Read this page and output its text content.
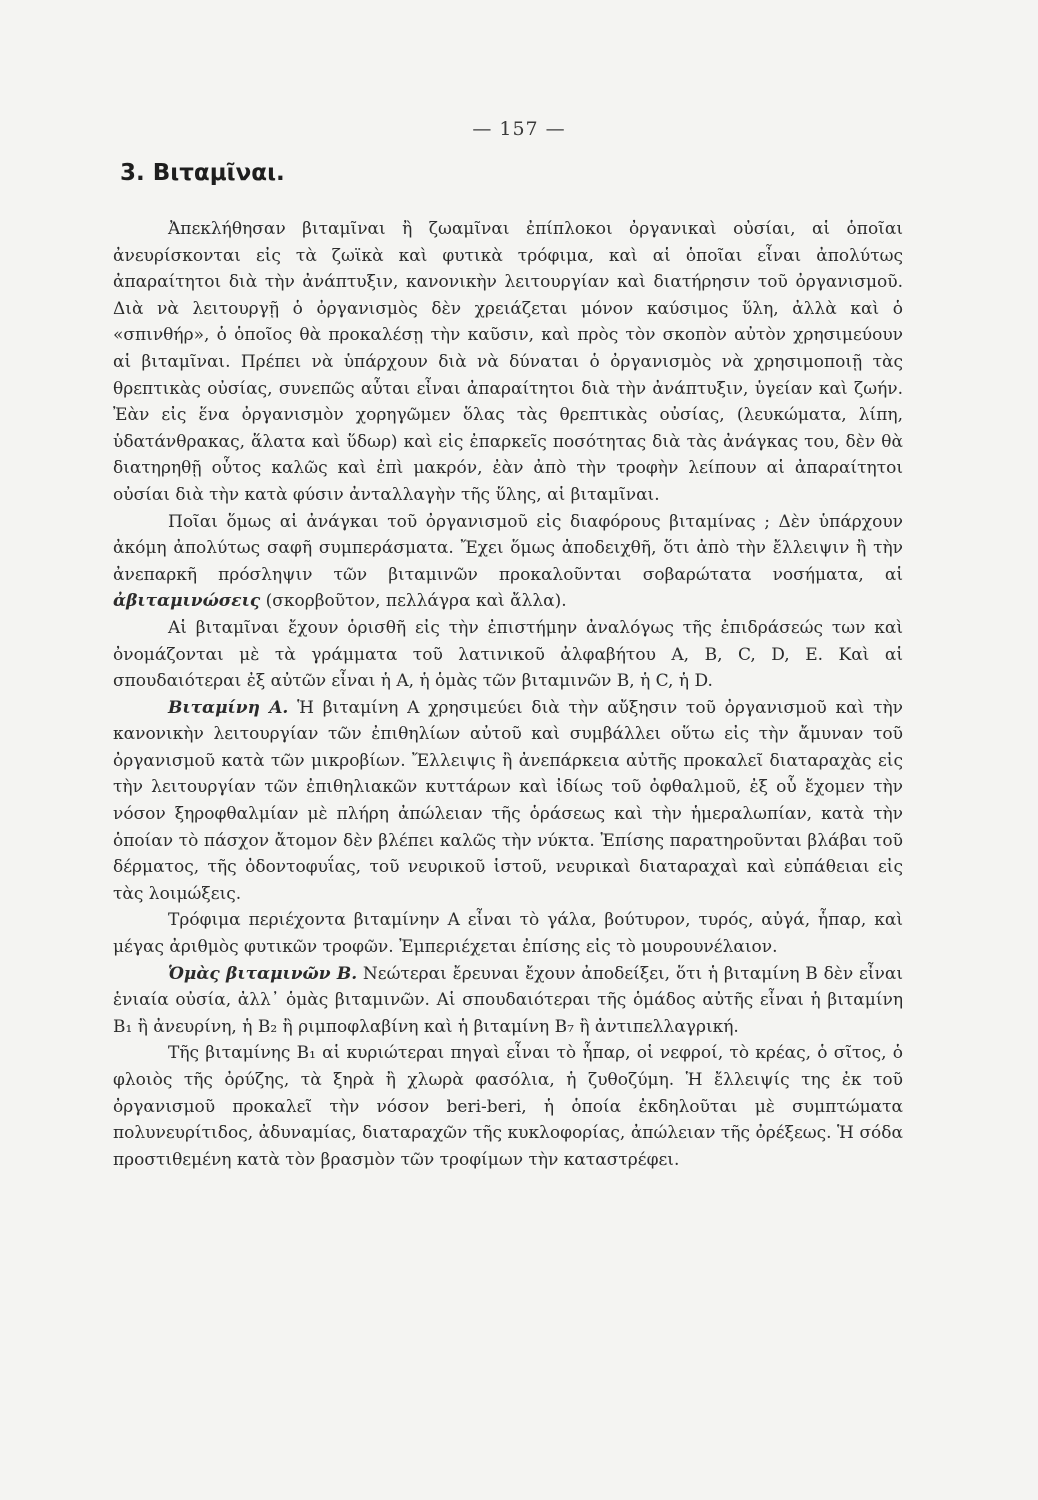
— 157 —
3. Βιταμῖναι.

Ἀπεκλήθησαν βιταμῖναι ἢ ζωαμῖναι ἐπίπλοκοι ὀργανικαὶ οὐσίαι, αἱ ὁποῖαι ἀνευρίσκονται εἰς τὰ ζωϊκὰ καὶ φυτικὰ τρόφιμα, καὶ αἱ ὁποῖαι εἶναι ἀπολύτως ἀπαραίτητοι διὰ τὴν ἀνάπτυξιν, κανονικὴν λειτουργίαν καὶ διατήρησιν τοῦ ὀργανισμοῦ. Διὰ νὰ λειτουργῇ ὁ ὀργανισμὸς δὲν χρειάζεται μόνον καύσιμος ὕλη, ἀλλὰ καὶ ὁ «σπινθήρ», ὁ ὁποῖος θὰ προκαλέσῃ τὴν καῦσιν, καὶ πρὸς τὸν σκοπὸν αὐτὸν χρησιμεύουν αἱ βιταμῖναι. Πρέπει νὰ ὑπάρχουν διὰ νὰ δύναται ὁ ὀργανισμὸς νὰ χρησιμοποιῇ τὰς θρεπτικὰς οὐσίας, συνεπῶς αὗται εἶναι ἀπαραίτητοι διὰ τὴν ἀνάπτυξιν, ὑγείαν καὶ ζωήν. Ἐὰν εἰς ἕνα ὀργανισμὸν χορηγῶμεν ὅλας τὰς θρεπτικὰς οὐσίας, (λευκώματα, λίπη, ὑδατάνθρακας, ἅλατα καὶ ὕδωρ) καὶ εἰς ἐπαρκεῖς ποσότητας διὰ τὰς ἀνάγκας του, δὲν θὰ διατηρηθῇ οὗτος καλῶς καὶ ἐπὶ μακρόν, ἐὰν ἀπὸ τὴν τροφὴν λείπουν αἱ ἀπαραίτητοι οὐσίαι διὰ τὴν κατὰ φύσιν ἀνταλλαγὴν τῆς ὕλης, αἱ βιταμῖναι.

Ποῖαι ὅμως αἱ ἀνάγκαι τοῦ ὀργανισμοῦ εἰς διαφόρους βιταμίνας ; Δὲν ὑπάρχουν ἀκόμη ἀπολύτως σαφῆ συμπεράσματα. Ἔχει ὅμως ἀποδειχθῆ, ὅτι ἀπὸ τὴν ἔλλειψιν ἢ τὴν ἀνεπαρκῆ πρόσληψιν τῶν βιταμινῶν προκαλοῦνται σοβαρώτατα νοσήματα, αἱ ἀβιταμινώσεις (σκορβοῦτον, πελλάγρα καὶ ἄλλα).

Αἱ βιταμῖναι ἔχουν ὁρισθῆ εἰς τὴν ἐπιστήμην ἀναλόγως τῆς ἐπιδράσεώς των καὶ ὀνομάζονται μὲ τὰ γράμματα τοῦ λατινικοῦ ἀλφαβήτου A, B, C, D, E. Καὶ αἱ σπουδαιότεραι ἐξ αὐτῶν εἶναι ἡ A, ἡ ὁμὰς τῶν βιταμινῶν B, ἡ C, ἡ D.

Βιταμίνη A. Ἡ βιταμίνη A χρησιμεύει διὰ τὴν αὔξησιν τοῦ ὀργανισμοῦ καὶ τὴν κανονικὴν λειτουργίαν τῶν ἐπιθηλίων αὐτοῦ καὶ συμβάλλει οὕτω εἰς τὴν ἄμυναν τοῦ ὀργανισμοῦ κατὰ τῶν μικροβίων. Ἔλλειψις ἢ ἀνεπάρκεια αὐτῆς προκαλεῖ διαταραχὰς εἰς τὴν λειτουργίαν τῶν ἐπιθηλιακῶν κυττάρων καὶ ἰδίως τοῦ ὀφθαλμοῦ, ἐξ οὗ ἔχομεν τὴν νόσον ξηροφθαλμίαν μὲ πλήρη ἀπώλειαν τῆς ὁράσεως καὶ τὴν ἡμεραλωπίαν, κατὰ τὴν ὁποίαν τὸ πάσχον ἄτομον δὲν βλέπει καλῶς τὴν νύκτα. Ἐπίσης παρατηροῦνται βλάβαι τοῦ δέρματος, τῆς ὀδοντοφυΐας, τοῦ νευρικοῦ ἱστοῦ, νευρικαὶ διαταραχαὶ καὶ εὐπάθειαι εἰς τὰς λοιμώξεις.

Τρόφιμα περιέχοντα βιταμίνην A εἶναι τὸ γάλα, βούτυρον, τυρός, αὐγά, ἧπαρ, καὶ μέγας ἀριθμὸς φυτικῶν τροφῶν. Ἐμπεριέχεται ἐπίσης εἰς τὸ μουρουνέλαιον.

Ὁμὰς βιταμινῶν B. Νεώτεραι ἔρευναι ἔχουν ἀποδείξει, ὅτι ἡ βιταμίνη B δὲν εἶναι ἑνιαία οὐσία, ἀλλ᾽ ὁμὰς βιταμινῶν. Αἱ σπουδαιότεραι τῆς ὁμάδος αὐτῆς εἶναι ἡ βιταμίνη B₁ ἢ ἀνευρίνη, ἡ B₂ ἢ ριμποφλαβίνη καὶ ἡ βιταμίνη B₇ ἢ ἀντιπελλαγρική.

Τῆς βιταμίνης B₁ αἱ κυριώτεραι πηγαὶ εἶναι τὸ ἧπαρ, οἱ νεφροί, τὸ κρέας, ὁ σῖτος, ὁ φλοιὸς τῆς ὀρύζης, τὰ ξηρὰ ἢ χλωρὰ φασόλια, ἡ ζυθοζύμη. Ἡ ἔλλειψίς της ἐκ τοῦ ὀργανισμοῦ προκαλεῖ τὴν νόσον beri-beri, ἡ ὁποία ἐκδηλοῦται μὲ συμπτώματα πολυνευρίτιδος, ἀδυναμίας, διαταραχῶν τῆς κυκλοφορίας, ἀπώλειαν τῆς ὀρέξεως. Ἡ σόδα προστιθεμένη κατὰ τὸν βρασμὸν τῶν τροφίμων τὴν καταστρέφει.
